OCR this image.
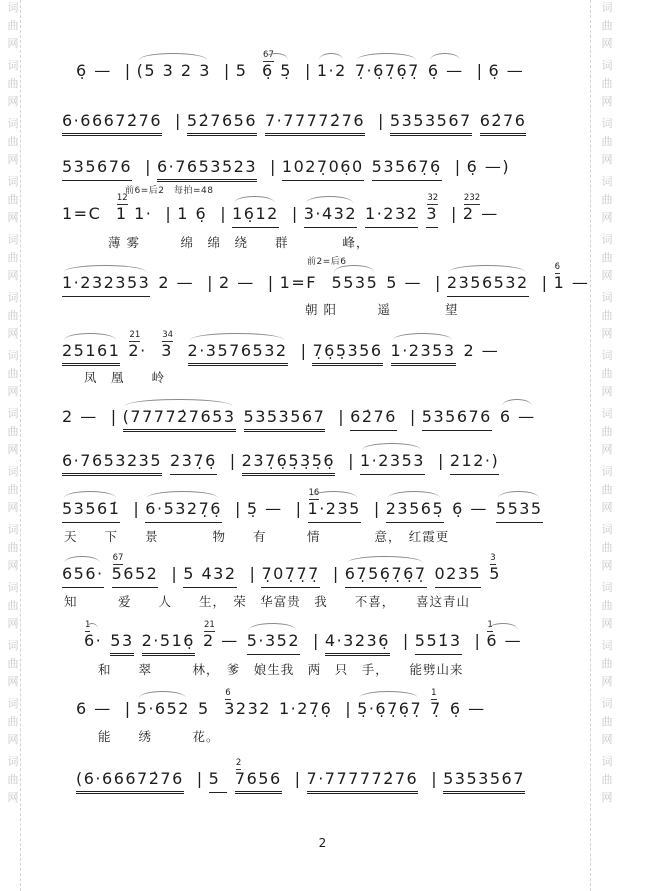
词
曲
网
词
曲
网
词
曲
网
词
曲
网
词
曲
网
词
曲
网
词
曲
网
词
曲
网
词
曲
网
词
曲
网
词
曲
网
词
曲
网
词
曲
网
词
曲
网
词
曲
网
词
曲
网
词
曲
网
词
曲
网
词
曲
网
词
曲
网
词
曲
网
词
曲
网
词
曲
网
词
曲
网
词
曲
网
词
曲
网
词
曲
网
词
曲
网
6̣ — | (5 3 2 3 | 5
67
6̣ 5̣ | 1·2 7̣·6̣7̣6̣7̣ 6̣ — | 6̣ —
6·66672̇76 | 52̇7656 7·77772̇76 | 5353567 62̇76
535676 | 6·7653523 | 1027̣06̣0 53567̣6̣ | 6̣ —)
前6=后2　每拍=48
1=C
12
1 1· | 1 6̣ | 16̣12 | 3·432 1·232
32
3 |
232
2 —
薄 雾　　　绵　绵　绕　　群　　　　峰，
前2=后6
1·232353 2 — | 2 — | 1=F 5535 5 — | 2356532 |
6
1 —
朝 阳　　　遥　　　　望
25161
21
2·
34
3 2·3576532 | 7̣6̣5̣356 1·2353 2 —
凤　凰　　岭
2 — | (77772̇7653 5353567 | 62̇76 | 535676 6 —
6·7653235 237̣6̣ | 237̣6̣5̣3̣5̣6̣ | 1·2353 | 212·)
53561̇ | 6·5327̣6̣ | 5̣ — |
16
1·235 | 23565̣ 6̣ — 5535
天　　下　　景　　　　物　　有　　　情　　　　意，　红霞更
656·
67
5652 | 5 432 | 7̣07̣7̣7̣ | 67̣56̣7̣6̣7̣ 0235
3
5
知　　　爱　　人　　生，　荣　华富贵　我　　不喜，　　喜这青山
1
6· 53 2·516̣
21
2 — 5·352 | 4·3236̣ | 551̇3 |
1
6 —
和　　翠　　　林，　爹　娘生我　两　只　手，　　能劈山来
6 — | 5·652 5
6
3232 1·27̣6̣ | 5̣·6̣7̣6̣7̣
1
7̣ 6̣ —
能　　绣　　　花。
(6·66672̇76 | 5
2
7656 | 7·777772̇76 | 5353567
2
